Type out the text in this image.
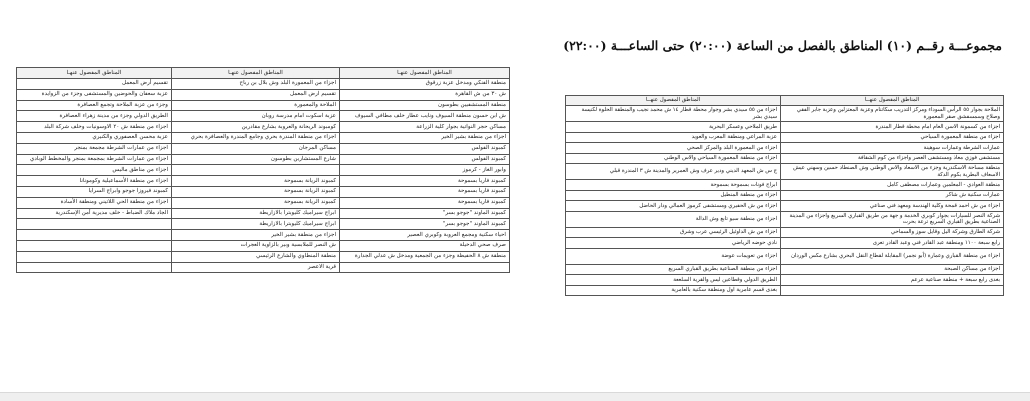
مجموعـــة رقــم (١٠) المناطق بالفصل من الساعة (٢٠:٠٠) حتى الساعـــة (٢٢:٠٠)
المناطق المفصول عنهـا	المناطق المفصول عنهـا	المناطق المفصول عنهـا
منطقة الفنكي ومدخل عزبة زرقوق	اجزاء من المعمورة البلد وش بلال بن رباح	تقسيم أرض المعمل
ش ٣٠ من ش القاهرة	تقسيم ارض المعمل	عزبة سعفان والحوضين والمستشفى وجزء من الزوايدة
منطقة المستشفيين بطوسون	الملاحة والمعمورة	وجزء من عزبة الملاحة وتجمع العصافرة
ش ابن حسون منطقة السيوف ونايب عطار خلف مطافي السيوف	عزبة اسكوت امام مدرسة روبان	الطريق الدولي وجزء من مدينة زهراء العصافرة
مساكن حجر النواتية بجوار كلية الزراعة	كومبوند الريحانة والعروبة بشارع مقادرين	اجزاء من منطقة ش ٢٠ الاوسونيات وخلف شركة البلد
اجزاء من منطقة بشير الخير	اجزاء من منطقة المندرة بحري وجامع المندرة والعصافرة بحري	عزبة محسن العصفوري والكنيري
كمبوند الفولس	مساكن المرجان	اجزاء من عمارات الشرطة مجمعة بمنجر
كمبوند الفولس	شارع المستشارين بطوسون	اجزاء من عمارات الشرطة بمجمعة بمنجر والمخطط الوبادي
وابور الغاز - كرموز		اجزاء من مناطق ماليس
كمبوند فاريا بسموحة	كمبوند الريانة بسموحة	اجزاء من منطقة الأسماعيلية وكومونانا
كمبوند فاريا بسموحة	كمبوند الريانة بسموحة	كمبوند فيروزا جوجو وابراج السرايا
كمبوند فاريا بسموحة	كمبوند الريانة بسموحة	اجزاء من منطقة الحي اللاتيني ومنطقة الأسادة
كمبوند الماوند "جوجو بسر"	ابراج سيراميك كليوبترا بالازاريطة	الجاد ملاك الضباط - خلف مديرية أمن الإسكندرية
كمبوند الماوند "جوجو بسر"	ابراج سيراميك كليوبترا بالازاريطة	
احياء سكنية ومجمع العروبة وكوبري العصير	اجزاء من منطقة بشير الخير	
صرف صحي الدخيلة	ش النصر للملابسية وبير بالزاوية العجرات	
منطقة ش ٨ الحفيظة وجزء من الجمعية ومدخل ش عدلي الجدارة	منطقة المنطاوي والشارع الرئيسي	
	قرية الاعصر	
المناطق المفصول عنهــا	المناطق المفصول عنهــا
الملاحة بجوار ٥٥ الرأس السوداء ومركز التدريب سكاتنام وعزبة المعتزلين وعزبة جابر الفقي وصلاح وسمسفشق صقر المعمورة	اجزاء من ٥٥ سيدي بشر وجوار محطة قطار ١٤ ش محمد نجيب والمنطقة الحلوة لكنيسة سيدي بشر
اجزاء من كسمونة الاسن العام امام محطة قطار المندرة	طريق الملاحي وعسكر البحرية
اجزاء من منطقة المعمورة السياحي	عزبة المراعي ومنطقة المعرب والعويد
عمارات الشرطة وعمارات سوهينة	اجزاء من المعمورة البلد والمركز الصحي
مستشفى فوزي معاذ ومستشفى العصر واجزاء من كوم الشقافة	اجزاء من منطقة المعمورة السياحي والاس الوطني
منطقة مساحة الاسكندرية وجزء من الاسعاد والاس الوطني وش الصنطاد حسين وسهني عيش الاسعاف البطربة بكوم الدكة	ج س ش المعهد الديني ودير عرف وش العمرير والمدينة ش ٣ المندرة قبلي
منطقة العوادي - المعلمين وعمارات مصطفى كامل	ابراج فونات بسموحة بسموحة
عمارات سكنية ش شاكر	اجزاء من منطقة المنطيل
اجزاء من ش احمد قمحة وكلية الهندسة ومعهد فني صناعي	اجزاء من ش الحفيري ومستشفى كرموز العمالي ودار الحاضل
شركة النصر للسيارات بجوار كوبري الخدمة و جهة من طريق القباري السريع واجزاء من المدينة الصناعية بطريق القباري السريع ترعة بحرت	اجزاء من منطقة سيو تابع وش الدالة
شركة الطارق وشركة اليل وقايل سوز والسماحي	اجزاء من ش الداوئيل الرئيسي عرب وشرق
رابع سبعة ١١٠٠ ومنطقة عبد القادر فني وعبد القادر تعرى	نادي حوضه الرياضي
اجزاء من منطقة القباري وعمارة (أبو نجمر) المقابلة لقطاع النقل البحري بشارع مكس الوردان	اجزاء من تعويمات عوضة
اجزاء من مساكن الصبحة	اجزاء من منطقة الصناعية بطريق القباري السريع
بغدى رابع سبعة + منطقة صناعية عرعم	الطريق الدولي وقطاعين ليس والقرية السلععة
	بغدى قسم عامرية اول ومنطقة سكنية بالعامرية
